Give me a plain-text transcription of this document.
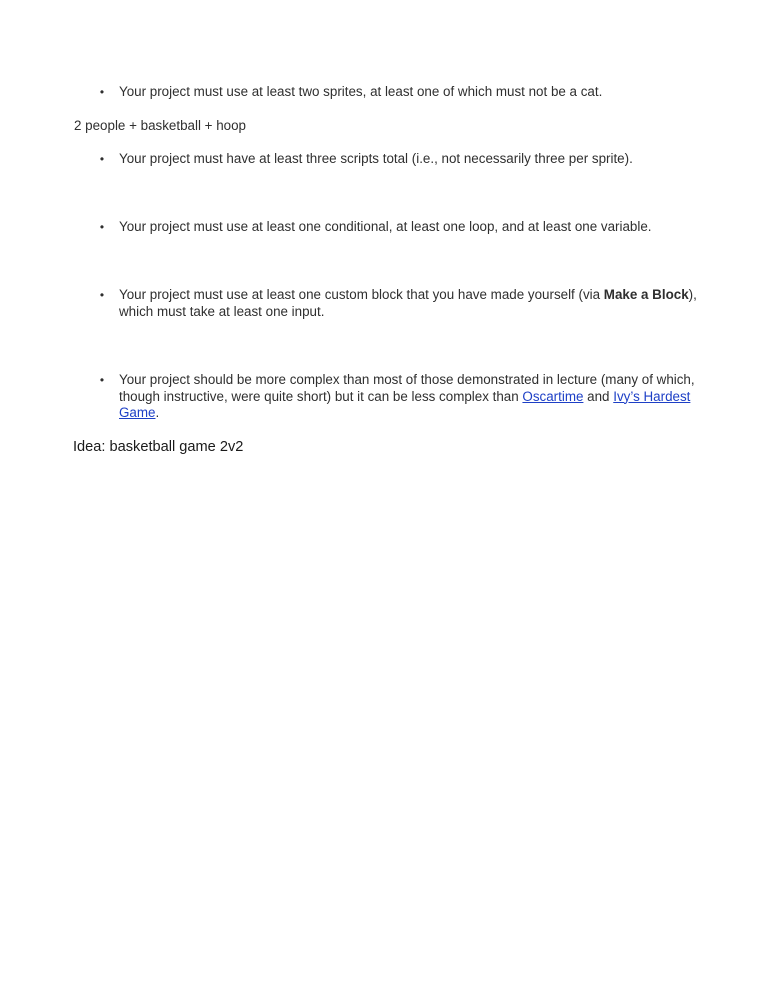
• Your project must use at least two sprites, at least one of which must not be a cat.
2 people + basketball + hoop
• Your project must have at least three scripts total (i.e., not necessarily three per sprite).
• Your project must use at least one conditional, at least one loop, and at least one variable.
• Your project must use at least one custom block that you have made yourself (via Make a Block), which must take at least one input.
• Your project should be more complex than most of those demonstrated in lecture (many of which, though instructive, were quite short) but it can be less complex than Oscartime and Ivy’s Hardest Game.
Idea: basketball game 2v2
